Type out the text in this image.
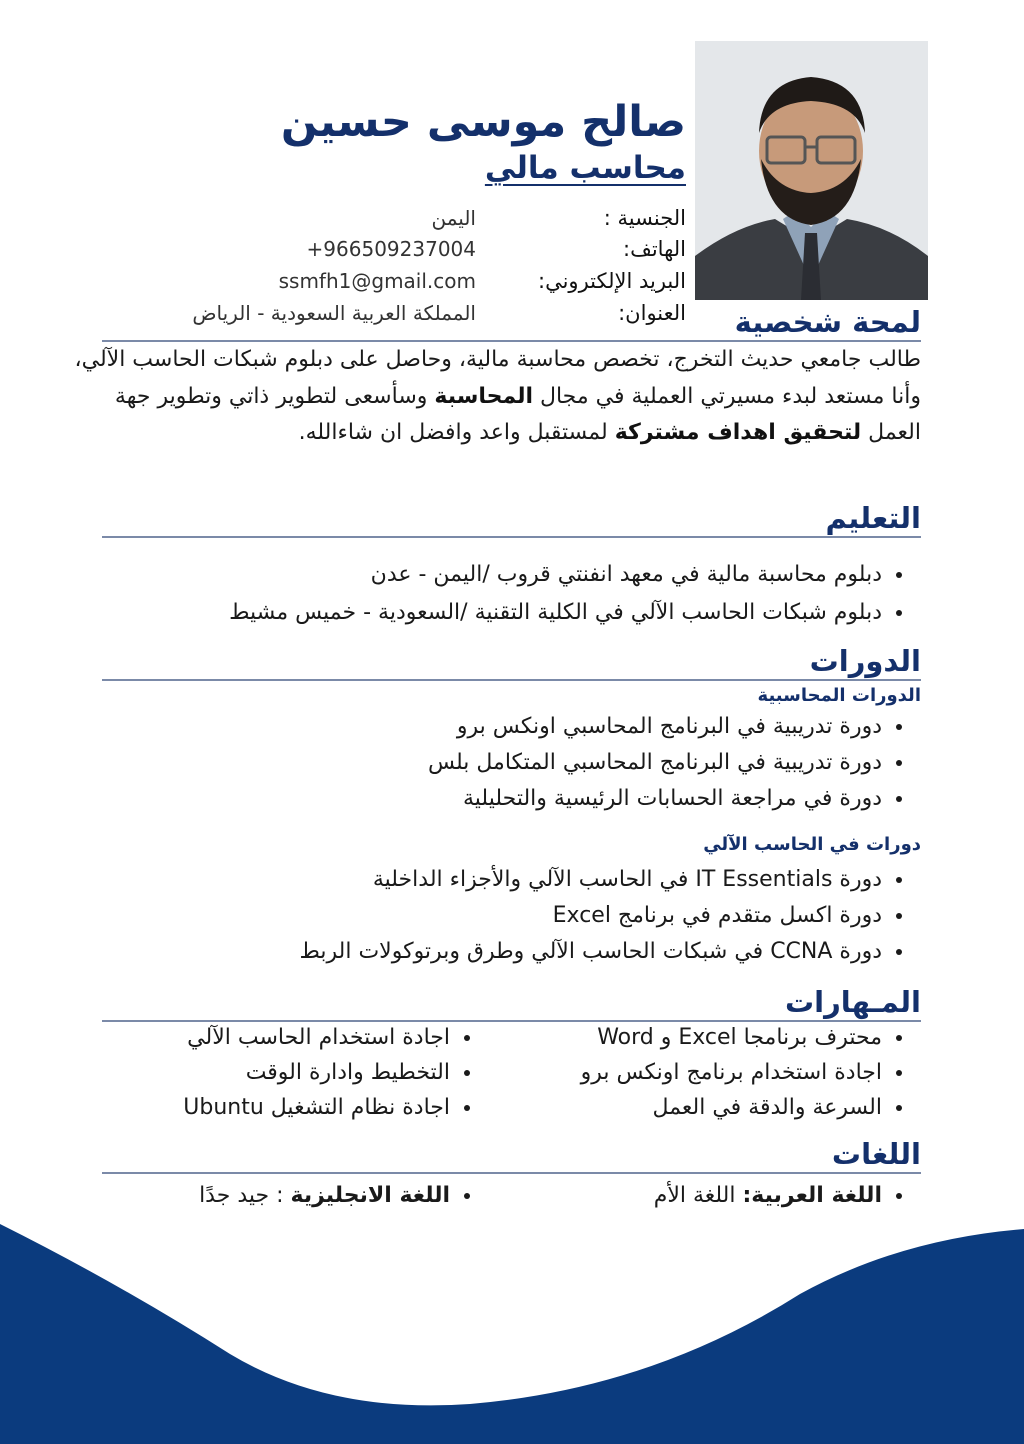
صالح موسى حسين
محاسب مالي
الجنسية :
اليمن
الهاتف:
+966509237004
البريد الإلكتروني:
ssmfh1@gmail.com
العنوان:
المملكة العربية السعودية - الرياض	لمحة شخصية
طالب جامعي حديث التخرج، تخصص محاسبة مالية، وحاصل على دبلوم شبكات الحاسب الآلي، وأنا مستعد لبدء مسيرتي العملية في مجال المحاسبة وسأسعى لتطوير ذاتي وتطوير جهة العمل لتحقيق اهداف مشتركة لمستقبل واعد وافضل ان شاءالله.
التعليم
دبلوم محاسبة مالية في معهد انفنتي قروب /اليمن - عدن
دبلوم شبكات الحاسب الآلي في الكلية التقنية /السعودية - خميس مشيط
الدورات
الدورات المحاسبية
دورة تدريبية في البرنامج المحاسبي اونكس برو
دورة تدريبية في البرنامج المحاسبي المتكامل بلس
دورة في مراجعة الحسابات الرئيسية والتحليلية
دورات في الحاسب الآلي
دورة IT Essentials في الحاسب الآلي والأجزاء الداخلية
دورة اكسل متقدم في برنامج Excel
دورة CCNA في شبكات الحاسب الآلي وطرق وبرتوكولات الربط
المـهارات
محترف برنامجا Excel و Word
اجادة استخدام برنامج اونكس برو
السرعة والدقة في العمل
اجادة استخدام الحاسب الآلي
التخطيط وادارة الوقت
اجادة نظام التشغيل Ubuntu
اللغات
اللغة العربية: اللغة الأم
اللغة الانجليزية : جيد جدًا
